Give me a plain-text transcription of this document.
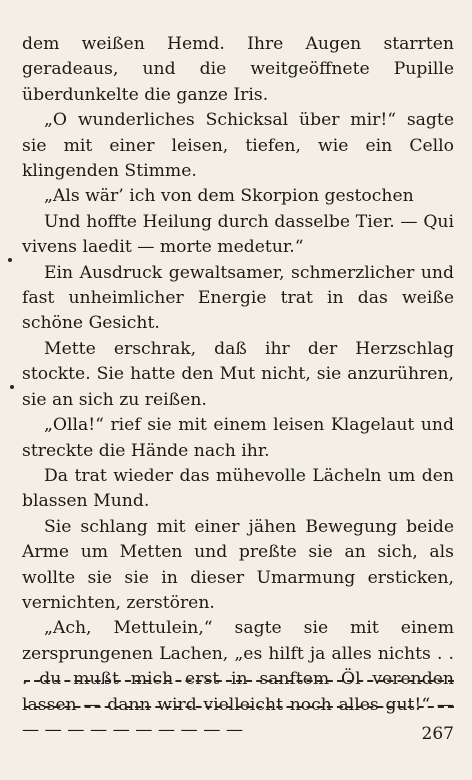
dem weißen Hemd. Ihre Augen starrten geradeaus, und die weitgeöffnete Pupille überdunkelte die ganze Iris.

„O wunderliches Schicksal über mir!“ sagte sie mit einer leisen, tiefen, wie ein Cello klingenden Stimme.

„Als wär’ ich von dem Skorpion gestochen

Und hoffte Heilung durch dasselbe Tier. — Qui vivens laedit — morte medetur.“

Ein Ausdruck gewaltsamer, schmerzlicher und fast unheimlicher Energie trat in das weiße schöne Gesicht.

Mette erschrak, daß ihr der Herzschlag stockte. Sie hatte den Mut nicht, sie anzurühren, sie an sich zu reißen.

„Olla!“ rief sie mit einem leisen Klagelaut und streckte die Hände nach ihr.

Da trat wieder das mühevolle Lächeln um den blassen Mund.

Sie schlang mit einer jähen Bewegung beide Arme um Metten und preßte sie an sich, als wollte sie sie in dieser Umarmung ersticken, vernichten, zerstören.

„Ach, Mettulein,“ sagte sie mit einem zersprungenen Lachen, „es hilft ja alles nichts . . . du mußt mich erst in sanftem Öl verenden lassen — dann wird vielleicht noch alles gut!“ — — — — — — — — — — —	267
